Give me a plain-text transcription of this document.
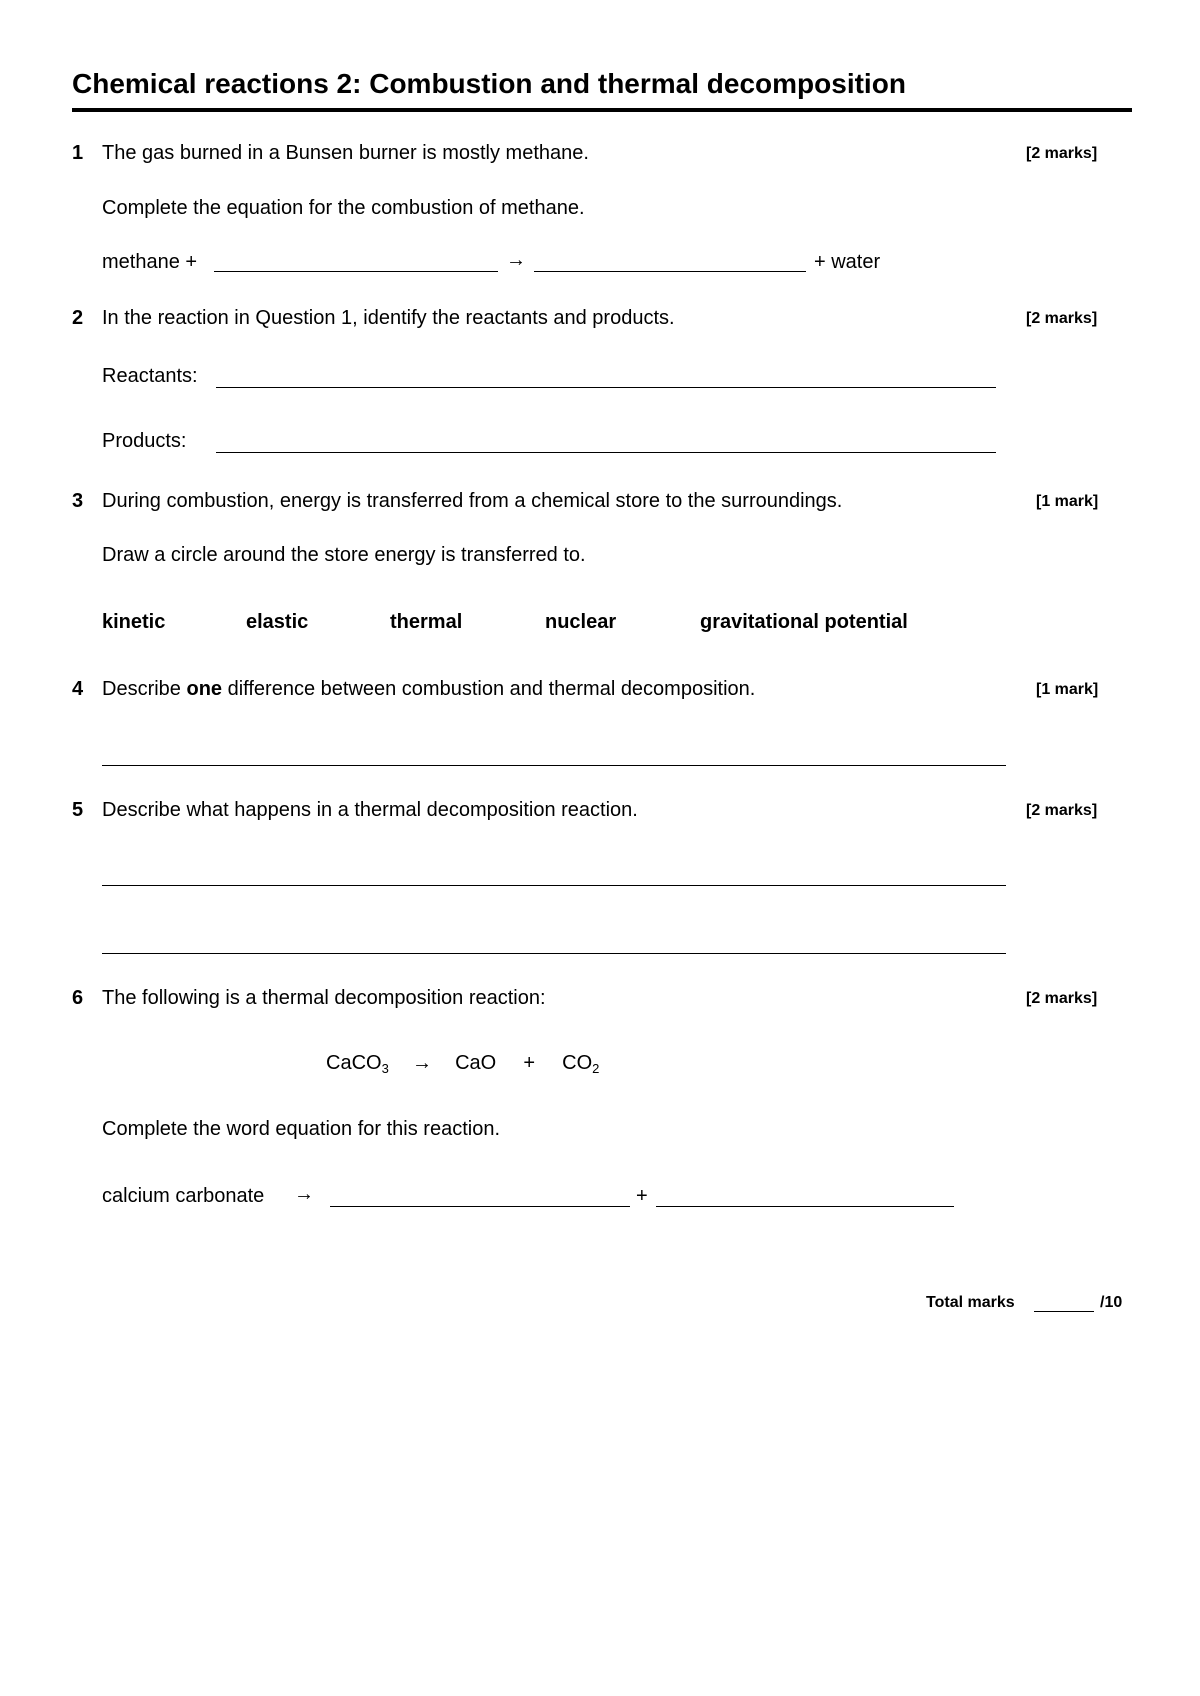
Chemical reactions 2: Combustion and thermal decomposition
1 The gas burned in a Bunsen burner is mostly methane.	[2 marks]
Complete the equation for the combustion of methane.
methane +	→	+ water
2 In the reaction in Question 1, identify the reactants and products.	[2 marks]
Reactants:
Products:
3 During combustion, energy is transferred from a chemical store to the surroundings.	[1 mark]
Draw a circle around the store energy is transferred to.
kinetic	elastic	thermal	nuclear	gravitational potential
4 Describe one difference between combustion and thermal decomposition.	[1 mark]
5 Describe what happens in a thermal decomposition reaction.	[2 marks]
6 The following is a thermal decomposition reaction:	[2 marks]
CaCO$_3$ → CaO + $CO_2$
Complete the word equation for this reaction.
calcium carbonate →	+
Total marks	/10
